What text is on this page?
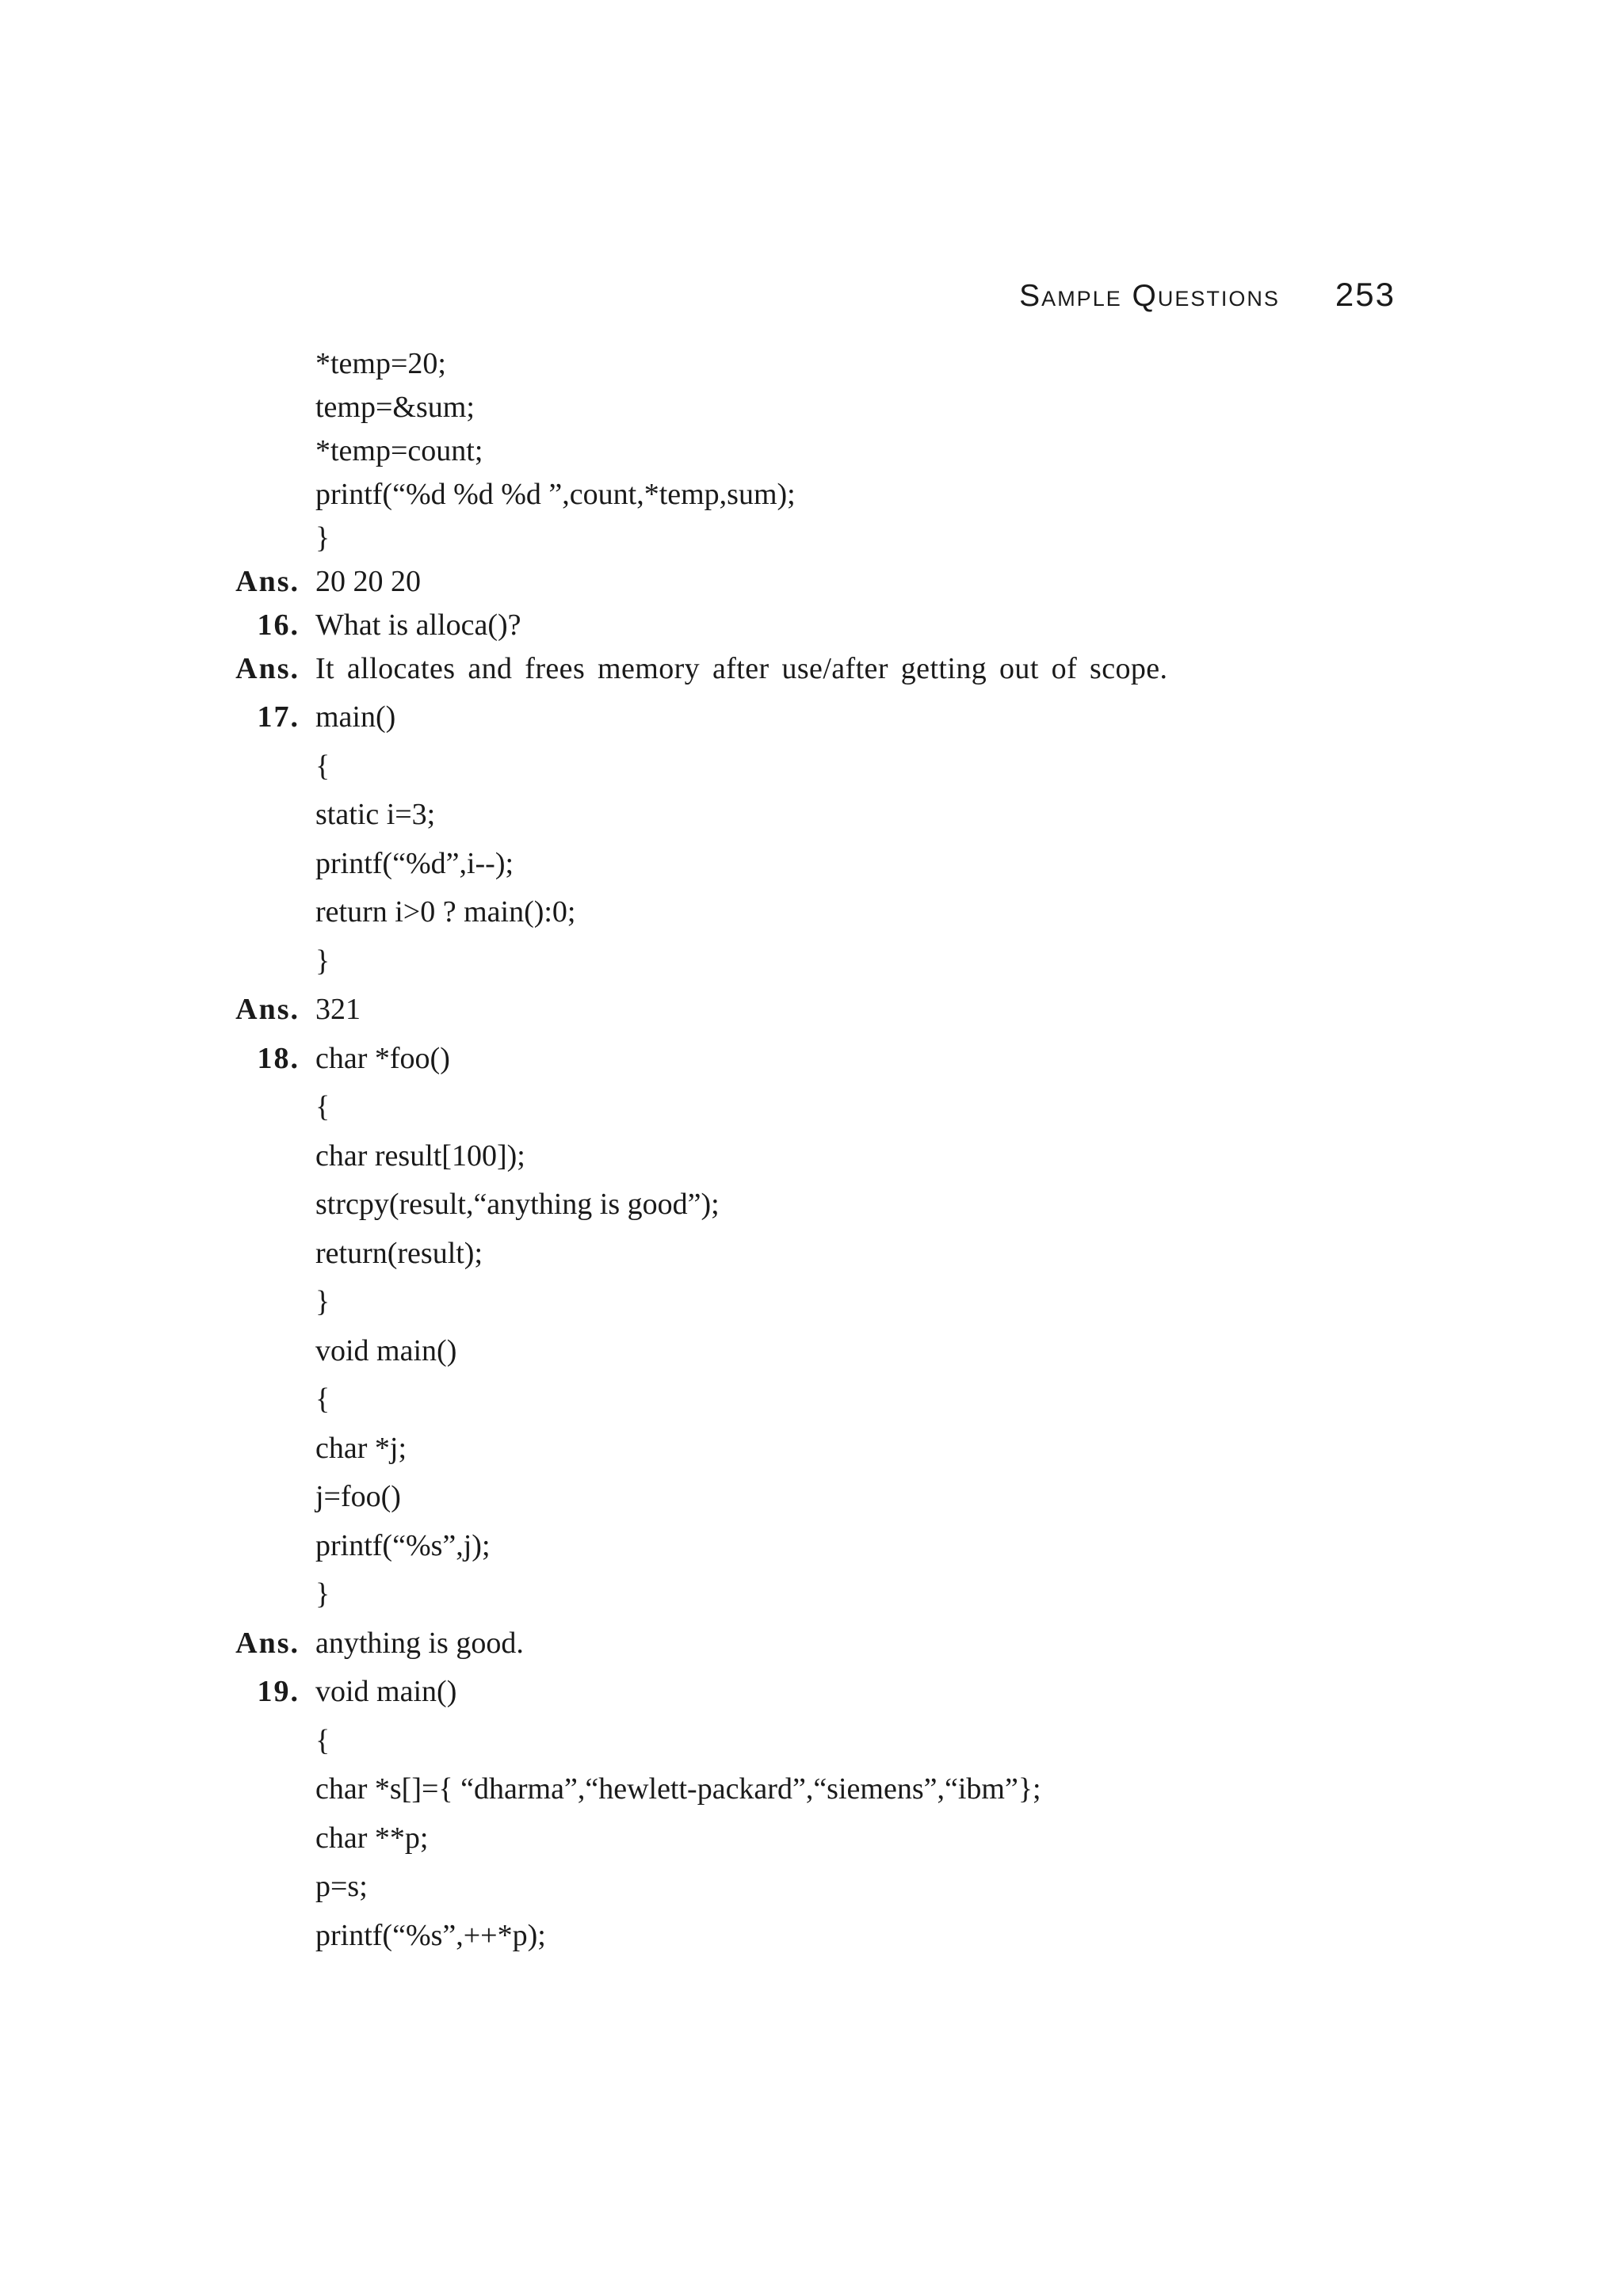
Sample Questions 253
*temp=20;
temp=&sum;
*temp=count;
printf(“%d %d %d ”,count,*temp,sum);
}
Ans. 20 20 20
16. What is alloca()?
Ans. It allocates and frees memory after use/after getting out of scope.
17. main()
{
static i=3;
printf(“%d”,i--);
return i>0 ? main():0;
}
Ans. 321
18. char *foo()
{
char result[100]);
strcpy(result,“anything is good”);
return(result);
}
void main()
{
char *j;
j=foo()
printf(“%s”,j);
}
Ans. anything is good.
19. void main()
{
char *s[]={ “dharma”,“hewlett-packard”,“siemens”,“ibm”};
char **p;
p=s;
printf(“%s”,++*p);
